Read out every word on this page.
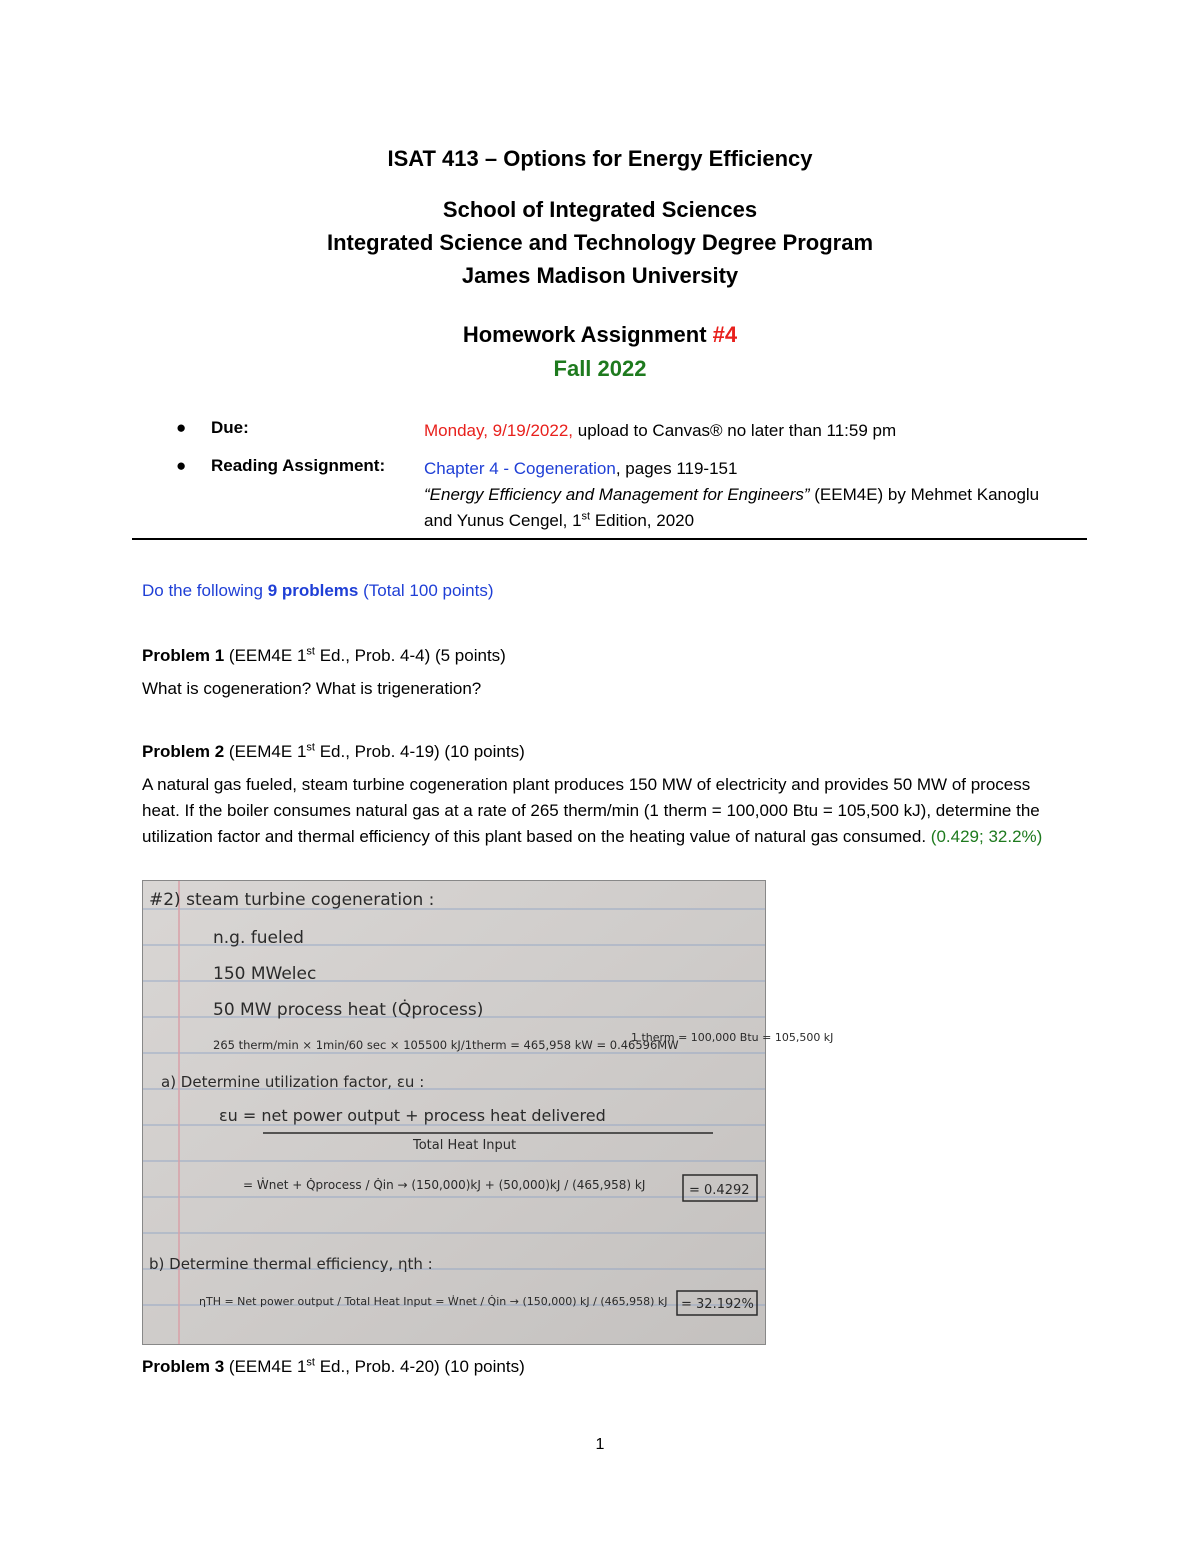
ISAT 413 – Options for Energy Efficiency
School of Integrated Sciences
Integrated Science and Technology Degree Program
James Madison University
Homework Assignment #4
Fall 2022
● Due:	Monday, 9/19/2022, upload to Canvas® no later than 11:59 pm
● Reading Assignment: Chapter 4 - Cogeneration, pages 119-151
“Energy Efficiency and Management for Engineers” (EEM4E) by Mehmet Kanoglu and Yunus Cengel, 1st Edition, 2020
Do the following 9 problems (Total 100 points)
Problem 1 (EEM4E 1st Ed., Prob. 4-4) (5 points)
What is cogeneration? What is trigeneration?
Problem 2 (EEM4E 1st Ed., Prob. 4-19) (10 points)
A natural gas fueled, steam turbine cogeneration plant produces 150 MW of electricity and provides 50 MW of process heat. If the boiler consumes natural gas at a rate of 265 therm/min (1 therm = 100,000 Btu = 105,500 kJ), determine the utilization factor and thermal efficiency of this plant based on the heating value of natural gas consumed. (0.429; 32.2%)
#2) steam turbine cogeneration :
n.g. fueled
150 MWelec
50 MW process heat (Q̇process)
265 therm/min × 1min/60 sec × 105500 kJ/1therm = 465,958 kW = 0.46596MW
1 therm = 100,000 Btu = 105,500 kJ
a) Determine utilization factor, εu :
εu = net power output + process heat delivered
Total Heat Input
= Ẇnet + Q̇process / Q̇in → (150,000)kJ + (50,000)kJ / (465,958) kJ	= 0.4292
b) Determine thermal efficiency, ηth :
ηTH = Net power output / Total Heat Input = Ẇnet / Q̇in → (150,000) kJ / (465,958) kJ = 32.192%
Problem 3 (EEM4E 1st Ed., Prob. 4-20) (10 points)
1
